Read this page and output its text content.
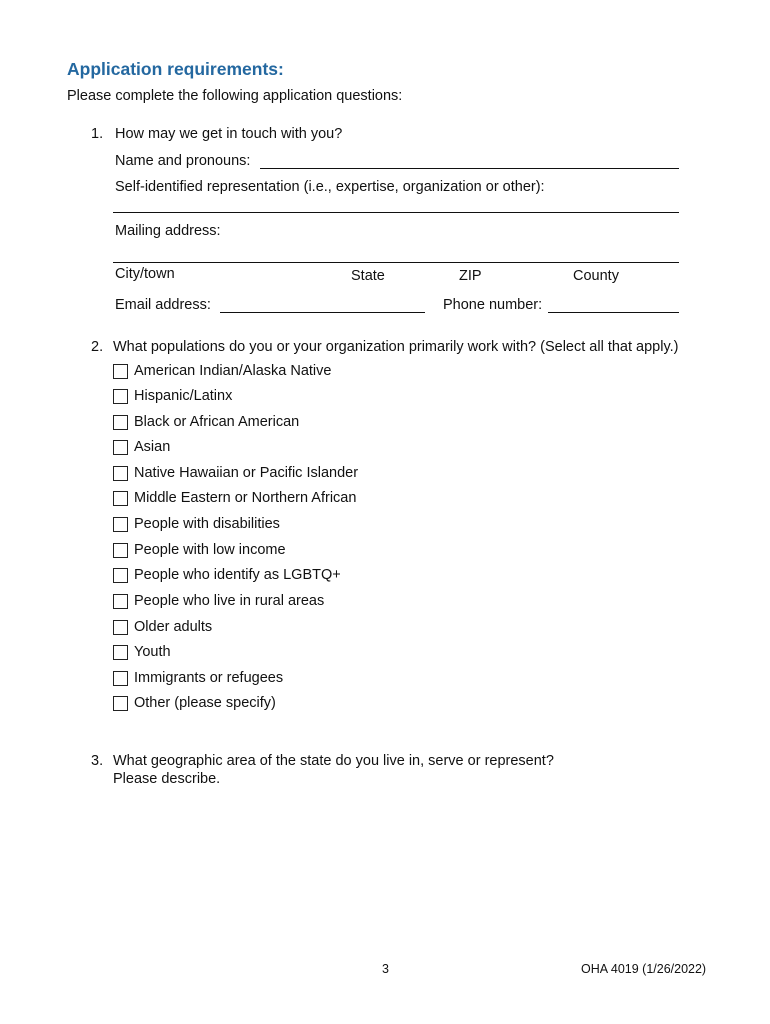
Application requirements:
Please complete the following application questions:
1. How may we get in touch with you?
Name and pronouns:
Self-identified representation (i.e., expertise, organization or other):
Mailing address:
City/town	State	ZIP	County
Email address:	Phone number:
2. What populations do you or your organization primarily work with? (Select all that apply.)
American Indian/Alaska Native
Hispanic/Latinx
Black or African American
Asian
Native Hawaiian or Pacific Islander
Middle Eastern or Northern African
People with disabilities
People with low income
People who identify as LGBTQ+
People who live in rural areas
Older adults
Youth
Immigrants or refugees
Other (please specify)
3. What geographic area of the state do you live in, serve or represent?
Please describe.
3	OHA 4019 (1/26/2022)
